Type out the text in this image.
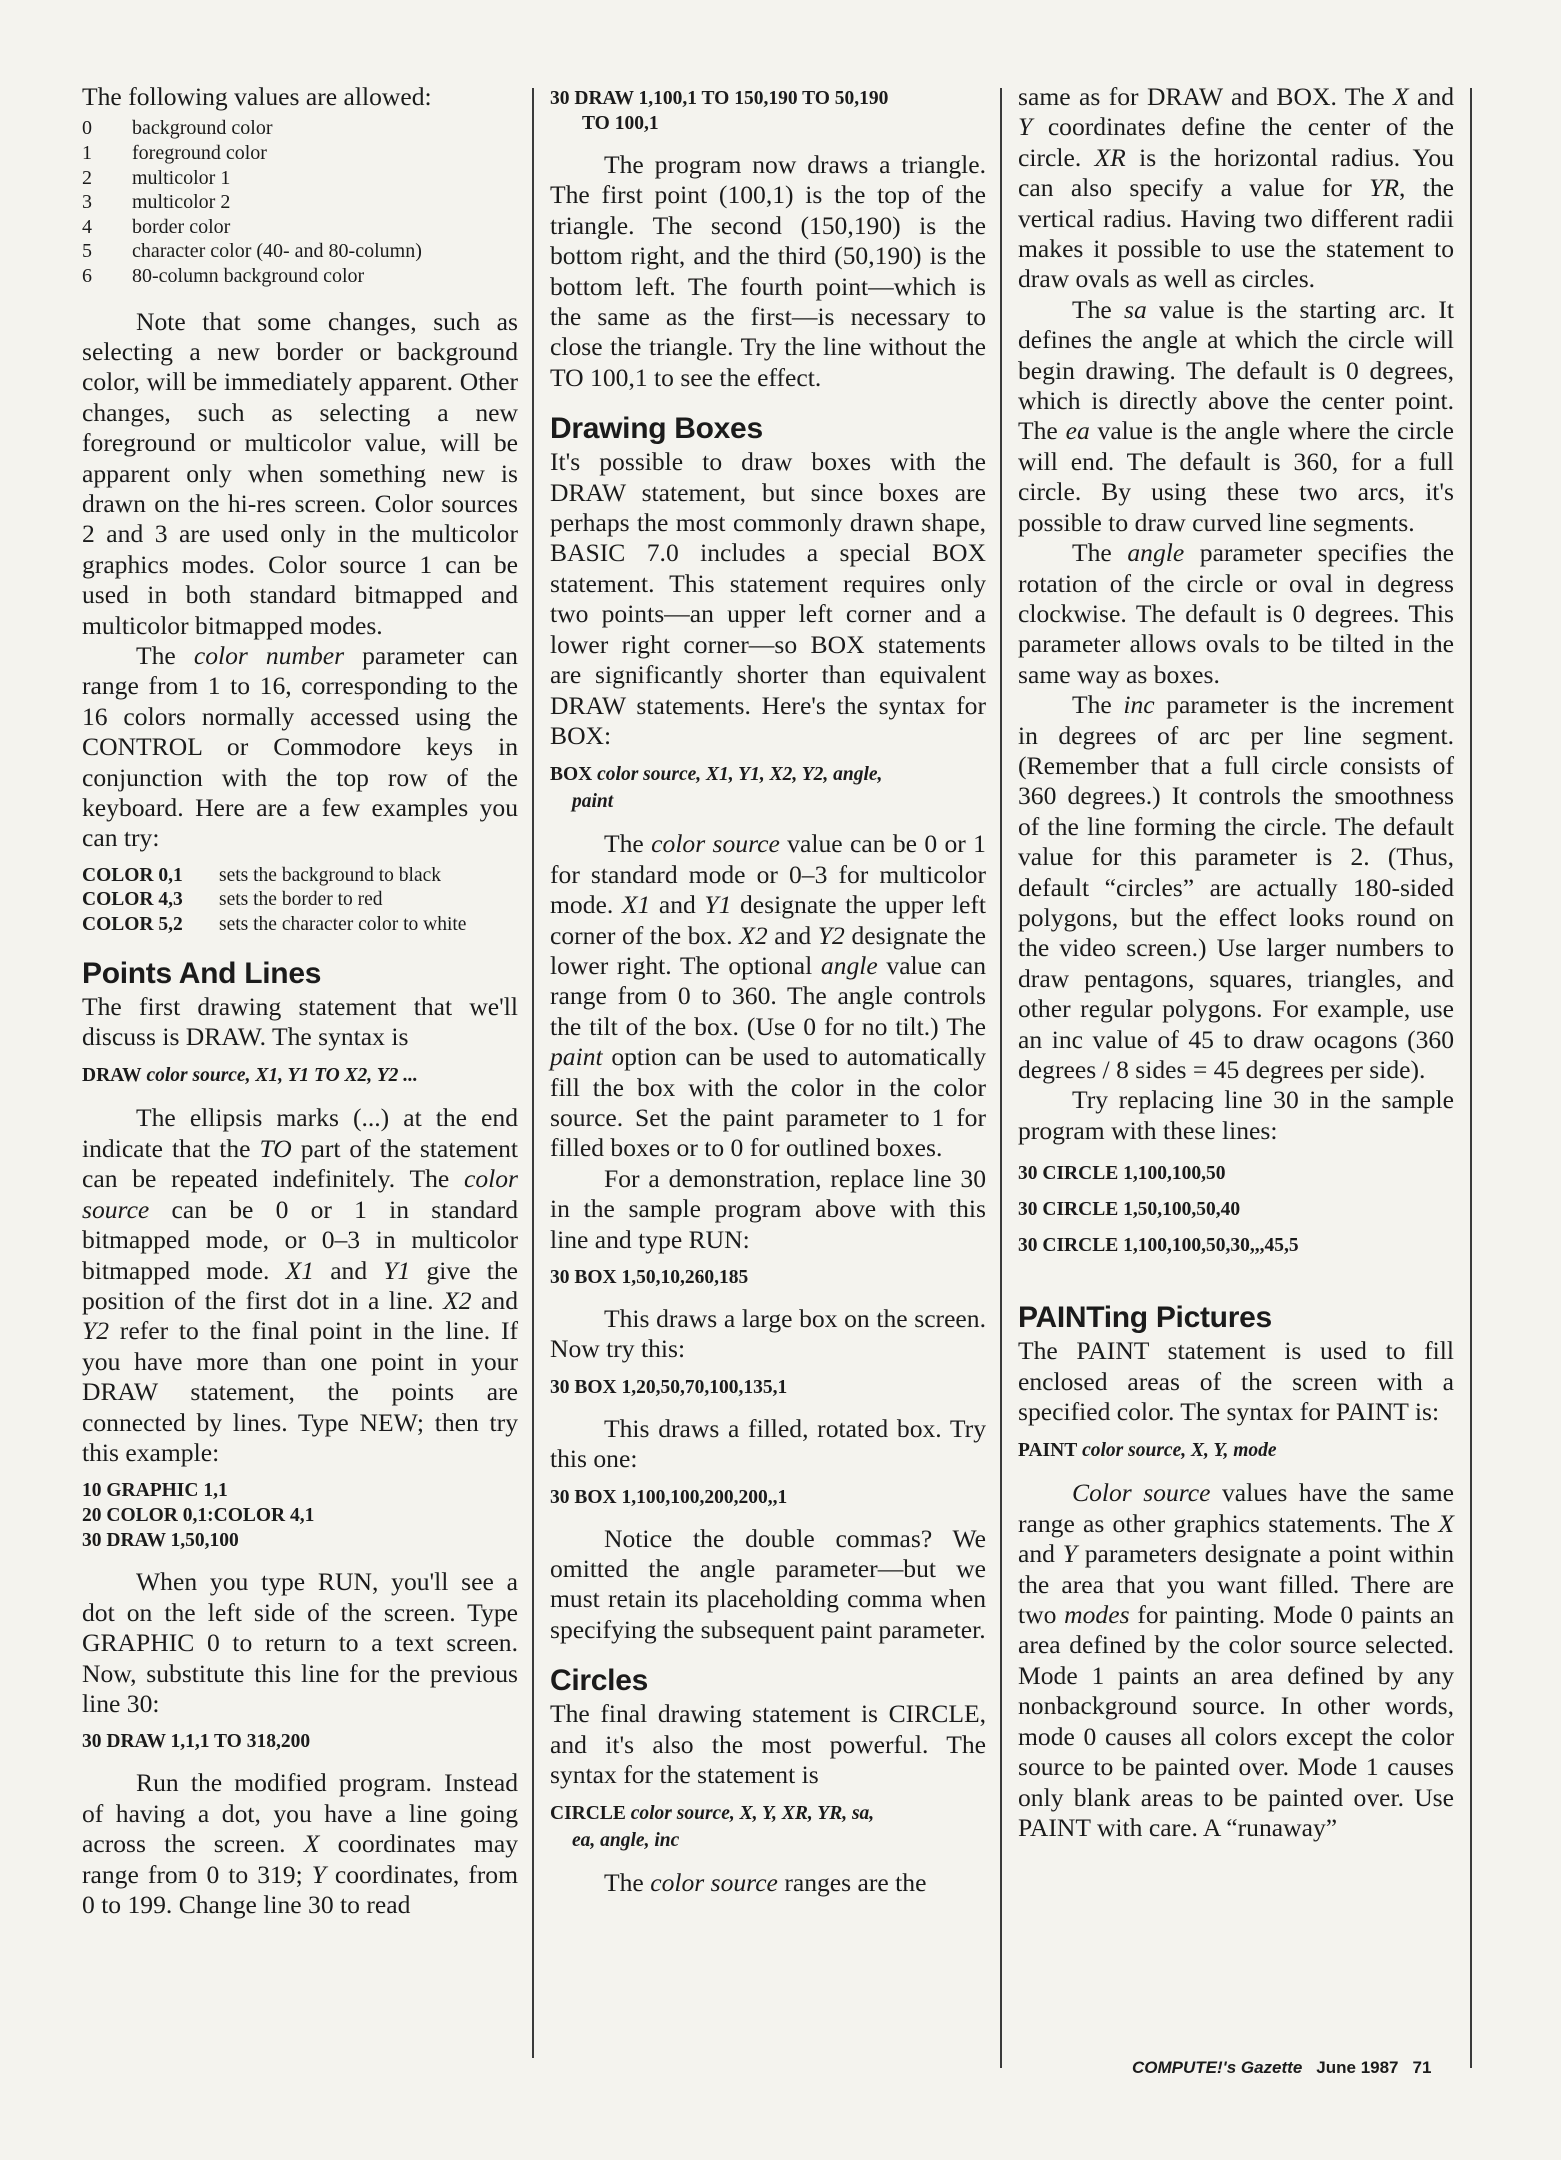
The following values are allowed:

0	background color
1	foreground color
2	multicolor 1
3	multicolor 2
4	border color
5	character color (40- and 80-column)
6	80-column background color

Note that some changes, such as selecting a new border or background color, will be immediately apparent. Other changes, such as selecting a new foreground or multicolor value, will be apparent only when something new is drawn on the hi-res screen. Color sources 2 and 3 are used only in the multicolor graphics modes. Color source 1 can be used in both standard bitmapped and multicolor bitmapped modes.

The color number parameter can range from 1 to 16, corresponding to the 16 colors normally accessed using the CONTROL or Commodore keys in conjunction with the top row of the keyboard. Here are a few examples you can try:

COLOR 0,1	sets the background to black
COLOR 4,3	sets the border to red
COLOR 5,2	sets the character color to white
Points And Lines

The first drawing statement that we'll discuss is DRAW. The syntax is

DRAW color source, X1, Y1 TO X2, Y2 ...

The ellipsis marks (...) at the end indicate that the TO part of the statement can be repeated indefinitely. The color source can be 0 or 1 in standard bitmapped mode, or 0–3 in multicolor bitmapped mode. X1 and Y1 give the position of the first dot in a line. X2 and Y2 refer to the final point in the line. If you have more than one point in your DRAW statement, the points are connected by lines. Type NEW; then try this example:

10 GRAPHIC 1,1
20 COLOR 0,1:COLOR 4,1
30 DRAW 1,50,100

When you type RUN, you'll see a dot on the left side of the screen. Type GRAPHIC 0 to return to a text screen. Now, substitute this line for the previous line 30:

30 DRAW 1,1,1 TO 318,200

Run the modified program. Instead of having a dot, you have a line going across the screen. X coordinates may range from 0 to 319; Y coordinates, from 0 to 199. Change line 30 to read

30 DRAW 1,100,1 TO 150,190 TO 50,190
TO 100,1

The program now draws a triangle. The first point (100,1) is the top of the triangle. The second (150,190) is the bottom right, and the third (50,190) is the bottom left. The fourth point—which is the same as the first—is necessary to close the triangle. Try the line without the TO 100,1 to see the effect.

Drawing Boxes

It's possible to draw boxes with the DRAW statement, but since boxes are perhaps the most commonly drawn shape, BASIC 7.0 includes a special BOX statement. This statement requires only two points—an upper left corner and a lower right corner—so BOX statements are significantly shorter than equivalent DRAW statements. Here's the syntax for BOX:

BOX color source, X1, Y1, X2, Y2, angle,
paint

The color source value can be 0 or 1 for standard mode or 0–3 for multicolor mode. X1 and Y1 designate the upper left corner of the box. X2 and Y2 designate the lower right. The optional angle value can range from 0 to 360. The angle controls the tilt of the box. (Use 0 for no tilt.) The paint option can be used to automatically fill the box with the color in the color source. Set the paint parameter to 1 for filled boxes or to 0 for outlined boxes.

For a demonstration, replace line 30 in the sample program above with this line and type RUN:

30 BOX 1,50,10,260,185

This draws a large box on the screen. Now try this:

30 BOX 1,20,50,70,100,135,1

This draws a filled, rotated box. Try this one:

30 BOX 1,100,100,200,200,,1

Notice the double commas? We omitted the angle parameter—but we must retain its placeholding comma when specifying the subsequent paint parameter.

Circles

The final drawing statement is CIRCLE, and it's also the most powerful. The syntax for the statement is

CIRCLE color source, X, Y, XR, YR, sa,
ea, angle, inc

The color source ranges are the

same as for DRAW and BOX. The X and Y coordinates define the center of the circle. XR is the horizontal radius. You can also specify a value for YR, the vertical radius. Having two different radii makes it possible to use the statement to draw ovals as well as circles.

The sa value is the starting arc. It defines the angle at which the circle will begin drawing. The default is 0 degrees, which is directly above the center point. The ea value is the angle where the circle will end. The default is 360, for a full circle. By using these two arcs, it's possible to draw curved line segments.

The angle parameter specifies the rotation of the circle or oval in degress clockwise. The default is 0 degrees. This parameter allows ovals to be tilted in the same way as boxes.

The inc parameter is the increment in degrees of arc per line segment. (Remember that a full circle consists of 360 degrees.) It controls the smoothness of the line forming the circle. The default value for this parameter is 2. (Thus, default “circles” are actually 180-sided polygons, but the effect looks round on the video screen.) Use larger numbers to draw pentagons, squares, triangles, and other regular polygons. For example, use an inc value of 45 to draw ocagons (360 degrees / 8 sides = 45 degrees per side).

Try replacing line 30 in the sample program with these lines:

30 CIRCLE 1,100,100,50
30 CIRCLE 1,50,100,50,40
30 CIRCLE 1,100,100,50,30,,,45,5
PAINTing Pictures

The PAINT statement is used to fill enclosed areas of the screen with a specified color. The syntax for PAINT is:

PAINT color source, X, Y, mode

Color source values have the same range as other graphics statements. The X and Y parameters designate a point within the area that you want filled. There are two modes for painting. Mode 0 paints an area defined by the color source selected. Mode 1 paints an area defined by any nonbackground source. In other words, mode 0 causes all colors except the color source to be painted over. Mode 1 causes only blank areas to be painted over. Use PAINT with care. A “runaway”

COMPUTE!'s Gazette June 1987 71
